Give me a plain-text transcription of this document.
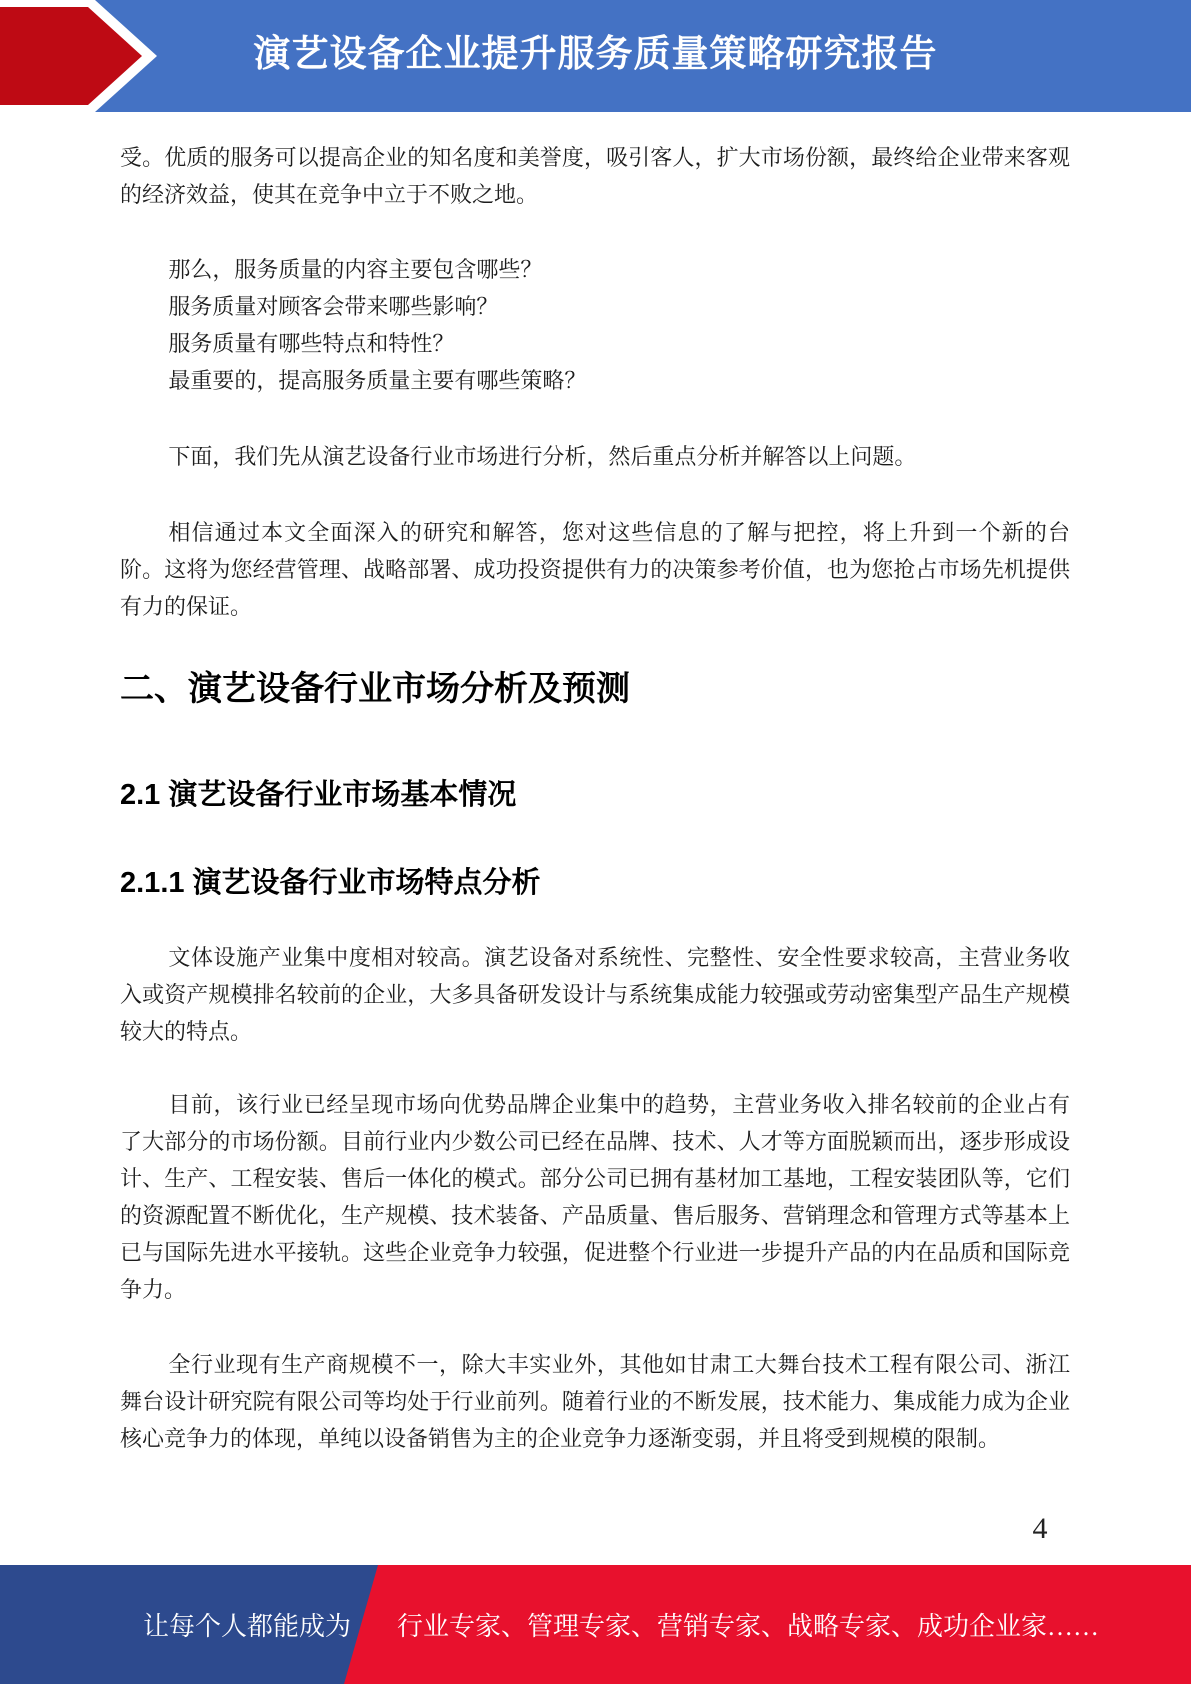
演艺设备企业提升服务质量策略研究报告

受。优质的服务可以提高企业的知名度和美誉度，吸引客人，扩大市场份额，最终给企业带来客观的经济效益，使其在竞争中立于不败之地。

那么，服务质量的内容主要包含哪些？
服务质量对顾客会带来哪些影响？
服务质量有哪些特点和特性？
最重要的，提高服务质量主要有哪些策略？

下面，我们先从演艺设备行业市场进行分析，然后重点分析并解答以上问题。

相信通过本文全面深入的研究和解答，您对这些信息的了解与把控，将上升到一个新的台阶。这将为您经营管理、战略部署、成功投资提供有力的决策参考价值，也为您抢占市场先机提供有力的保证。

二、演艺设备行业市场分析及预测
2.1 演艺设备行业市场基本情况
2.1.1 演艺设备行业市场特点分析

文体设施产业集中度相对较高。演艺设备对系统性、完整性、安全性要求较高，主营业务收入或资产规模排名较前的企业，大多具备研发设计与系统集成能力较强或劳动密集型产品生产规模较大的特点。

目前，该行业已经呈现市场向优势品牌企业集中的趋势，主营业务收入排名较前的企业占有了大部分的市场份额。目前行业内少数公司已经在品牌、技术、人才等方面脱颖而出，逐步形成设计、生产、工程安装、售后一体化的模式。部分公司已拥有基材加工基地，工程安装团队等，它们的资源配置不断优化，生产规模、技术装备、产品质量、售后服务、营销理念和管理方式等基本上已与国际先进水平接轨。这些企业竞争力较强，促进整个行业进一步提升产品的内在品质和国际竞争力。

全行业现有生产商规模不一，除大丰实业外，其他如甘肃工大舞台技术工程有限公司、浙江舞台设计研究院有限公司等均处于行业前列。随着行业的不断发展，技术能力、集成能力成为企业核心竞争力的体现，单纯以设备销售为主的企业竞争力逐渐变弱，并且将受到规模的限制。

4
让每个人都能成为 行业专家、管理专家、营销专家、战略专家、成功企业家……
